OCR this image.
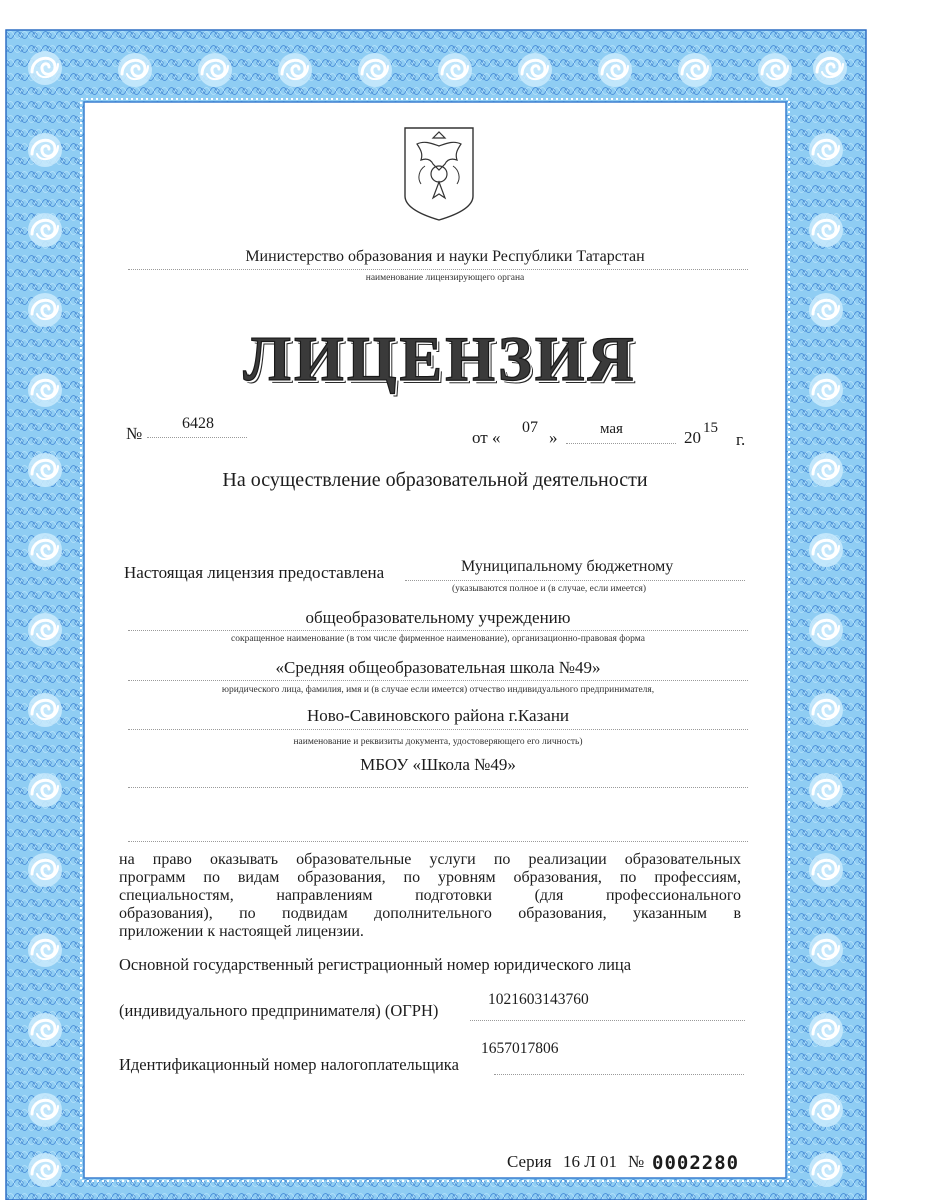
Министерство образования и науки Республики Татарстан
наименование лицензирующего органа
ЛИЦЕНЗИЯ
№
6428
от «
07
»	мая	20 15
г.
На осуществление образовательной деятельности
Настоящая лицензия предоставлена	Муниципальному бюджетному
(указываются полное и (в случае, если имеется)
общеобразовательному учреждению
сокращенное наименование (в том числе фирменное наименование), организационно-правовая форма
«Средняя общеобразовательная школа №49»
юридического лица, фамилия, имя и (в случае если имеется) отчество индивидуального предпринимателя,
Ново-Савиновского района г.Казани
наименование и реквизиты документа, удостоверяющего его личность)
МБОУ «Школа №49»
на право оказывать образовательные услуги по реализации образовательных
программ по видам образования, по уровням образования, по профессиям,
специальностям, направлениям подготовки (для профессионального
образования), по подвидам дополнительного образования, указанным в
приложении к настоящей лицензии.
Основной государственный регистрационный номер юридического лица
(индивидуального предпринимателя) (ОГРН)
1021603143760
Идентификационный номер налогоплательщика
1657017806
Серия 16 Л 01 № 0002280
